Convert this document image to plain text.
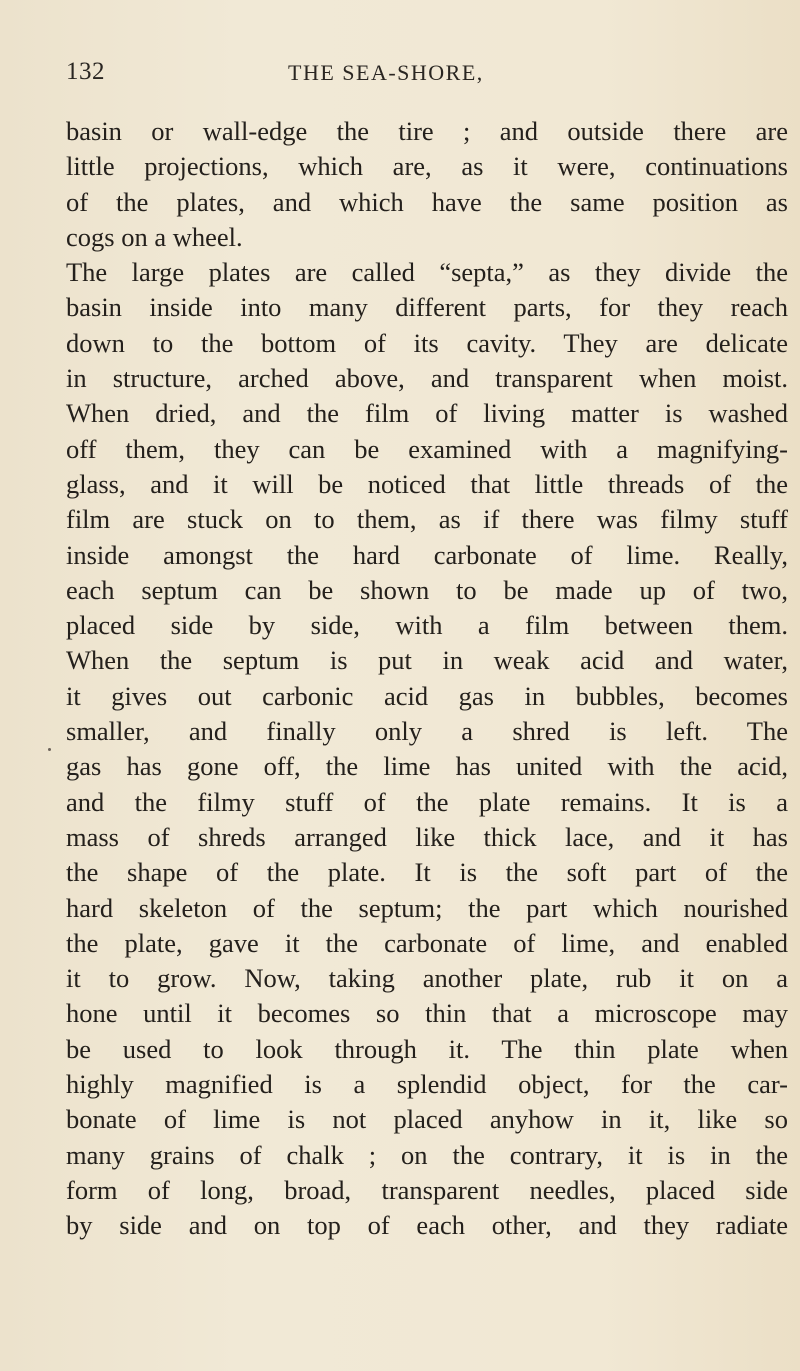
132	THE SEA-SHORE,
basin or wall-edge the tire ; and outside there are
little projections, which are, as it were, continuations
of the plates, and which have the same position as
cogs on a wheel.
The large plates are called “septa,” as they divide the
basin inside into many different parts, for they reach
down to the bottom of its cavity. They are delicate
in structure, arched above, and transparent when moist.
When dried, and the film of living matter is washed
off them, they can be examined with a magnifying-
glass, and it will be noticed that little threads of the
film are stuck on to them, as if there was filmy stuff
inside amongst the hard carbonate of lime. Really,
each septum can be shown to be made up of two,
placed side by side, with a film between them.
When the septum is put in weak acid and water,
it gives out carbonic acid gas in bubbles, becomes
smaller, and finally only a shred is left. The
gas has gone off, the lime has united with the acid,
and the filmy stuff of the plate remains. It is a
mass of shreds arranged like thick lace, and it has
the shape of the plate. It is the soft part of the
hard skeleton of the septum; the part which nourished
the plate, gave it the carbonate of lime, and enabled
it to grow. Now, taking another plate, rub it on a
hone until it becomes so thin that a microscope may
be used to look through it. The thin plate when
highly magnified is a splendid object, for the car-
bonate of lime is not placed anyhow in it, like so
many grains of chalk ; on the contrary, it is in the
form of long, broad, transparent needles, placed side
by side and on top of each other, and they radiate
